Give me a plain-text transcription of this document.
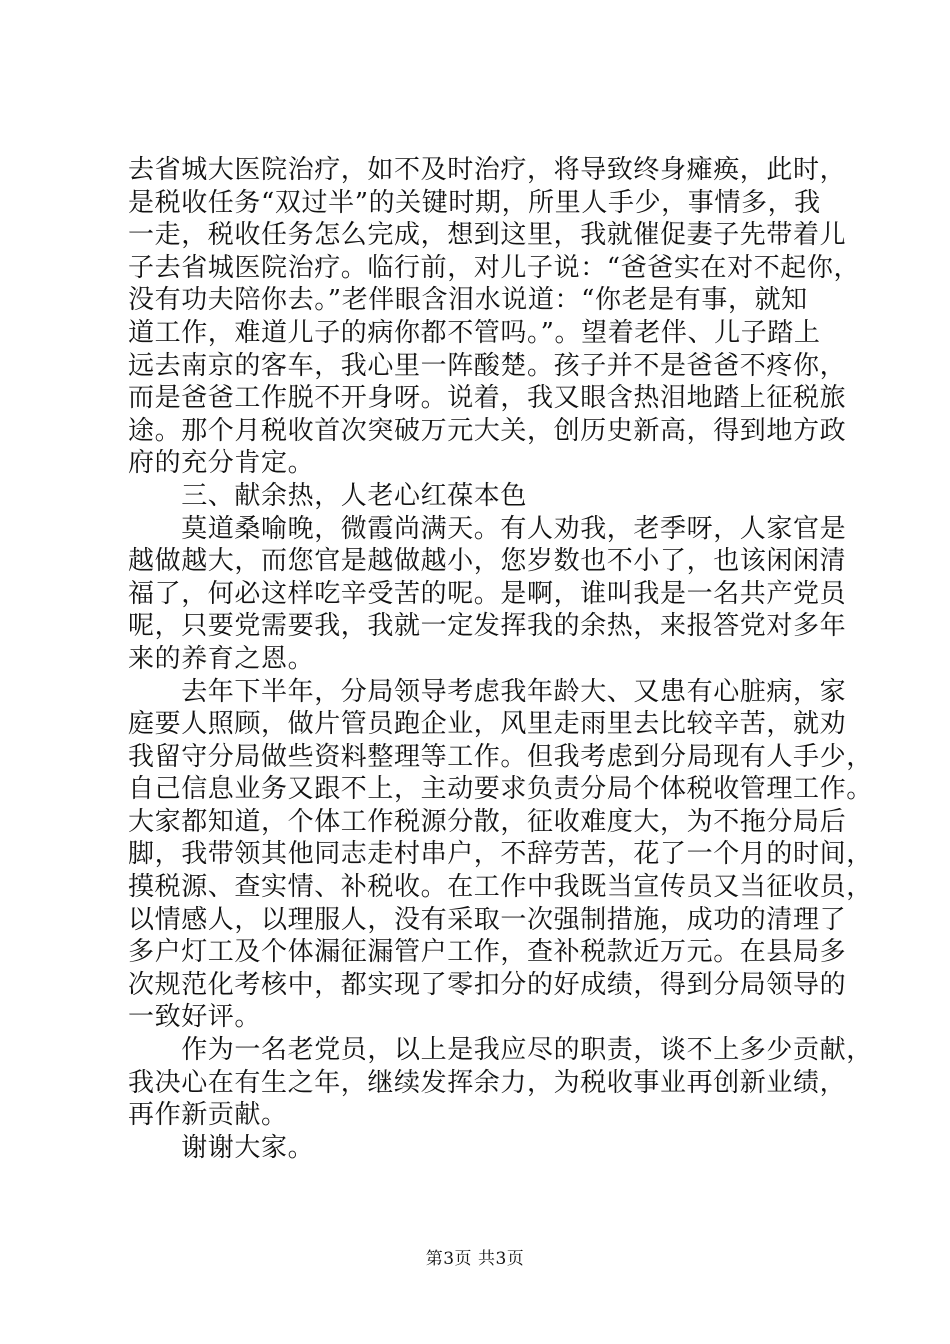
去省城大医院治疗，如不及时治疗，将导致终身瘫痪，此时，
是税收任务“双过半”的关键时期，所里人手少，事情多，我
一走，税收任务怎么完成，想到这里，我就催促妻子先带着儿
子去省城医院治疗。临行前，对儿子说：“爸爸实在对不起你，
没有功夫陪你去。”老伴眼含泪水说道：“你老是有事，就知
道工作，难道儿子的病你都不管吗。”。望着老伴、儿子踏上
远去南京的客车，我心里一阵酸楚。孩子并不是爸爸不疼你，
而是爸爸工作脱不开身呀。说着，我又眼含热泪地踏上征税旅
途。那个月税收首次突破万元大关，创历史新高，得到地方政
府的充分肯定。
　　三、献余热，人老心红葆本色
　　莫道桑喻晚，微霞尚满天。有人劝我，老季呀，人家官是
越做越大，而您官是越做越小，您岁数也不小了，也该闲闲清
福了，何必这样吃辛受苦的呢。是啊，谁叫我是一名共产党员
呢，只要党需要我，我就一定发挥我的余热，来报答党对多年
来的养育之恩。
　　去年下半年，分局领导考虑我年龄大、又患有心脏病，家
庭要人照顾，做片管员跑企业，风里走雨里去比较辛苦，就劝
我留守分局做些资料整理等工作。但我考虑到分局现有人手少，
自己信息业务又跟不上，主动要求负责分局个体税收管理工作。
大家都知道，个体工作税源分散，征收难度大，为不拖分局后
脚，我带领其他同志走村串户，不辞劳苦，花了一个月的时间，
摸税源、查实情、补税收。在工作中我既当宣传员又当征收员，
以情感人，以理服人，没有采取一次强制措施，成功的清理了
多户灯工及个体漏征漏管户工作，查补税款近万元。在县局多
次规范化考核中，都实现了零扣分的好成绩，得到分局领导的
一致好评。
　　作为一名老党员，以上是我应尽的职责，谈不上多少贡献，
我决心在有生之年，继续发挥余力，为税收事业再创新业绩，
再作新贡献。
　　谢谢大家。
第3页 共3页
